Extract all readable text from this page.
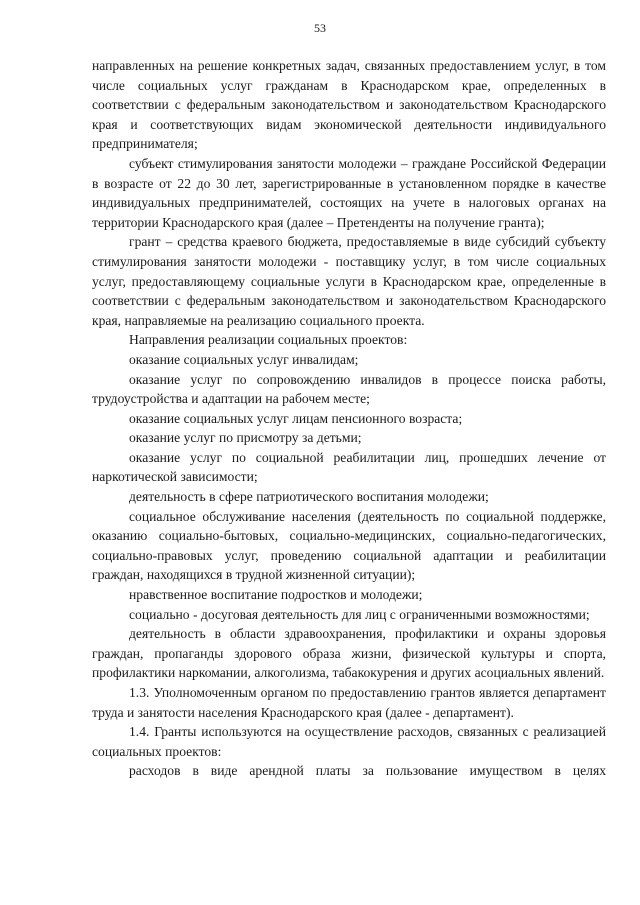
53

направленных на решение конкретных задач, связанных предоставлением услуг, в том числе социальных услуг гражданам в Краснодарском крае, определенных в соответствии с федеральным законодательством и законодательством Краснодарского края и соответствующих видам экономической деятельности индивидуального предпринимателя;

субъект стимулирования занятости молодежи – граждане Российской Федерации в возрасте от 22 до 30 лет, зарегистрированные в установленном порядке в качестве индивидуальных предпринимателей, состоящих на учете в налоговых органах на территории Краснодарского края (далее – Претенденты на получение гранта);

грант – средства краевого бюджета, предоставляемые в виде субсидий субъекту стимулирования занятости молодежи - поставщику услуг, в том числе социальных услуг, предоставляющему социальные услуги в Краснодарском крае, определенные в соответствии с федеральным законодательством и законодательством Краснодарского края, направляемые на реализацию социального проекта.

Направления реализации социальных проектов:

оказание социальных услуг инвалидам;

оказание услуг по сопровождению инвалидов в процессе поиска работы, трудоустройства и адаптации на рабочем месте;

оказание социальных услуг лицам пенсионного возраста;

оказание услуг по присмотру за детьми;

оказание услуг по социальной реабилитации лиц, прошедших лечение от наркотической зависимости;

деятельность в сфере патриотического воспитания молодежи;

социальное обслуживание населения (деятельность по социальной поддержке, оказанию социально-бытовых, социально-медицинских, социально-педагогических, социально-правовых услуг, проведению социальной адаптации и реабилитации граждан, находящихся в трудной жизненной ситуации);

нравственное воспитание подростков и молодежи;

социально - досуговая деятельность для лиц с ограниченными возможностями;

деятельность в области здравоохранения, профилактики и охраны здоровья граждан, пропаганды здорового образа жизни, физической культуры и спорта, профилактики наркомании, алкоголизма, табакокурения и других асоциальных явлений.

1.3. Уполномоченным органом по предоставлению грантов является департамент труда и занятости населения Краснодарского края (далее - департамент).

1.4. Гранты используются на осуществление расходов, связанных с реализацией социальных проектов:

расходов в виде арендной платы за пользование имуществом в целях
